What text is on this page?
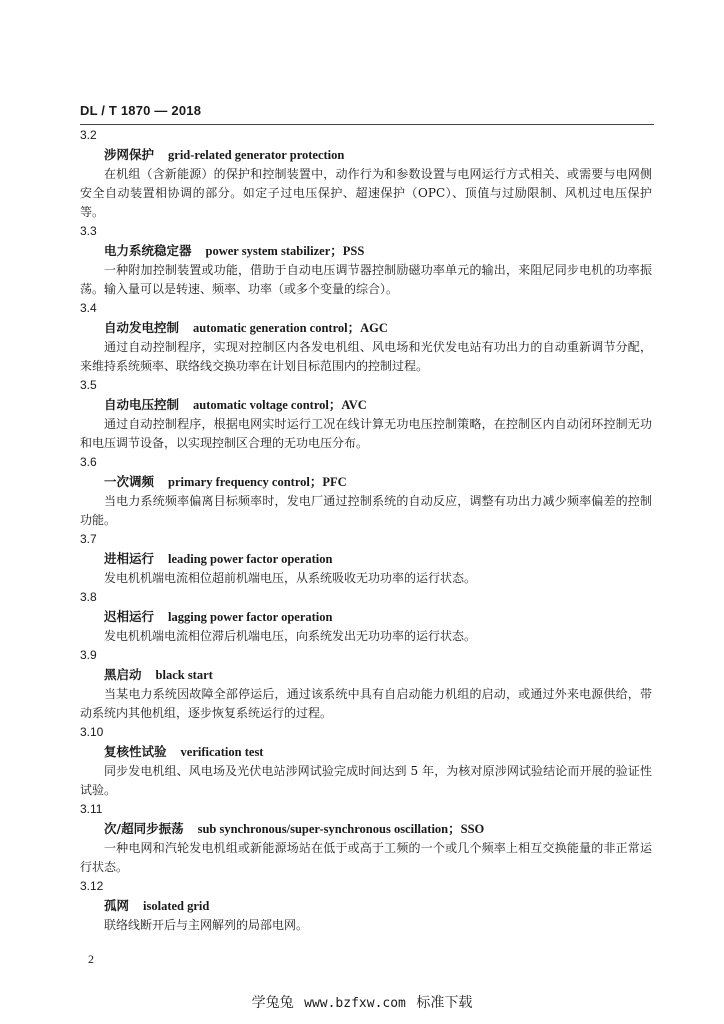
DL / T 1870 — 2018
3.2
涉网保护 grid-related generator protection
在机组（含新能源）的保护和控制装置中，动作行为和参数设置与电网运行方式相关、或需要与电网侧安全自动装置相协调的部分。如定子过电压保护、超速保护（OPC）、顶值与过励限制、风机过电压保护等。
3.3
电力系统稳定器 power system stabilizer；PSS
一种附加控制装置或功能，借助于自动电压调节器控制励磁功率单元的输出，来阻尼同步电机的功率振荡。输入量可以是转速、频率、功率（或多个变量的综合）。
3.4
自动发电控制 automatic generation control；AGC
通过自动控制程序，实现对控制区内各发电机组、风电场和光伏发电站有功出力的自动重新调节分配，来维持系统频率、联络线交换功率在计划目标范围内的控制过程。
3.5
自动电压控制 automatic voltage control；AVC
通过自动控制程序，根据电网实时运行工况在线计算无功电压控制策略，在控制区内自动闭环控制无功和电压调节设备，以实现控制区合理的无功电压分布。
3.6
一次调频 primary frequency control；PFC
当电力系统频率偏离目标频率时，发电厂通过控制系统的自动反应，调整有功出力减少频率偏差的控制功能。
3.7
进相运行 leading power factor operation
发电机机端电流相位超前机端电压，从系统吸收无功功率的运行状态。
3.8
迟相运行 lagging power factor operation
发电机机端电流相位滞后机端电压，向系统发出无功功率的运行状态。
3.9
黑启动 black start
当某电力系统因故障全部停运后，通过该系统中具有自启动能力机组的启动，或通过外来电源供给，带动系统内其他机组，逐步恢复系统运行的过程。
3.10
复核性试验 verification test
同步发电机组、风电场及光伏电站涉网试验完成时间达到 5 年，为核对原涉网试验结论而开展的验证性试验。
3.11
次/超同步振荡 sub synchronous/super-synchronous oscillation；SSO
一种电网和汽轮发电机组或新能源场站在低于或高于工频的一个或几个频率上相互交换能量的非正常运行状态。
3.12
孤网 isolated grid
联络线断开后与主网解列的局部电网。
2
学兔兔 www.bzfxw.com 标准下载
